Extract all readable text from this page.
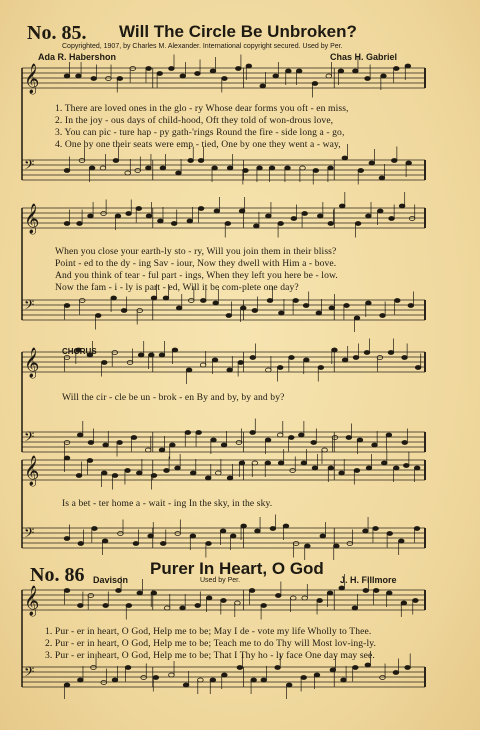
𝄞
𝄢
𝄞
𝄢
𝄞
𝄢
𝄞
𝄢
𝄞
𝄢
No. 85. Will The Circle Be Unbroken?
Copyrighted, 1907, by Charles M. Alexander. International copyright secured. Used by Per.
Ada R. Habershon	Chas H. Gabriel
1. There are loved ones in the glo - ry Whose dear forms you oft - en miss,
2. In the joy - ous days of child-hood, Oft they told of won-drous love,
3. You can pic - ture hap - py gath-'rings Round the fire - side long a - go,
4. One by one their seats were emp - tied, One by one they went a - way,
When you close your earth-ly sto - ry, Will you join them in their bliss?
Point - ed to the dy - ing Sav - iour, Now they dwell with Him a - bove.
And you think of tear - ful part - ings, When they left you here be - low.
Now the fam - i - ly is part - ed, Will it be com-plete one day?
CHORUS
Will the cir - cle be un - brok - en By and by, by and by?
Is a bet - ter home a - wait - ing In the sky, in the sky.
No. 86	Purer In Heart, O God
Davison	Used by Per.	J. H. Fillmore
1. Pur - er in heart, O God, Help me to be; May I de - vote my life Wholly to Thee.
2. Pur - er in heart, O God, Help me to be; Teach me to do Thy will Most lov-ing-ly.
3. Pur - er in heart, O God, Help me to be; That I Thy ho - ly face One day may see.
